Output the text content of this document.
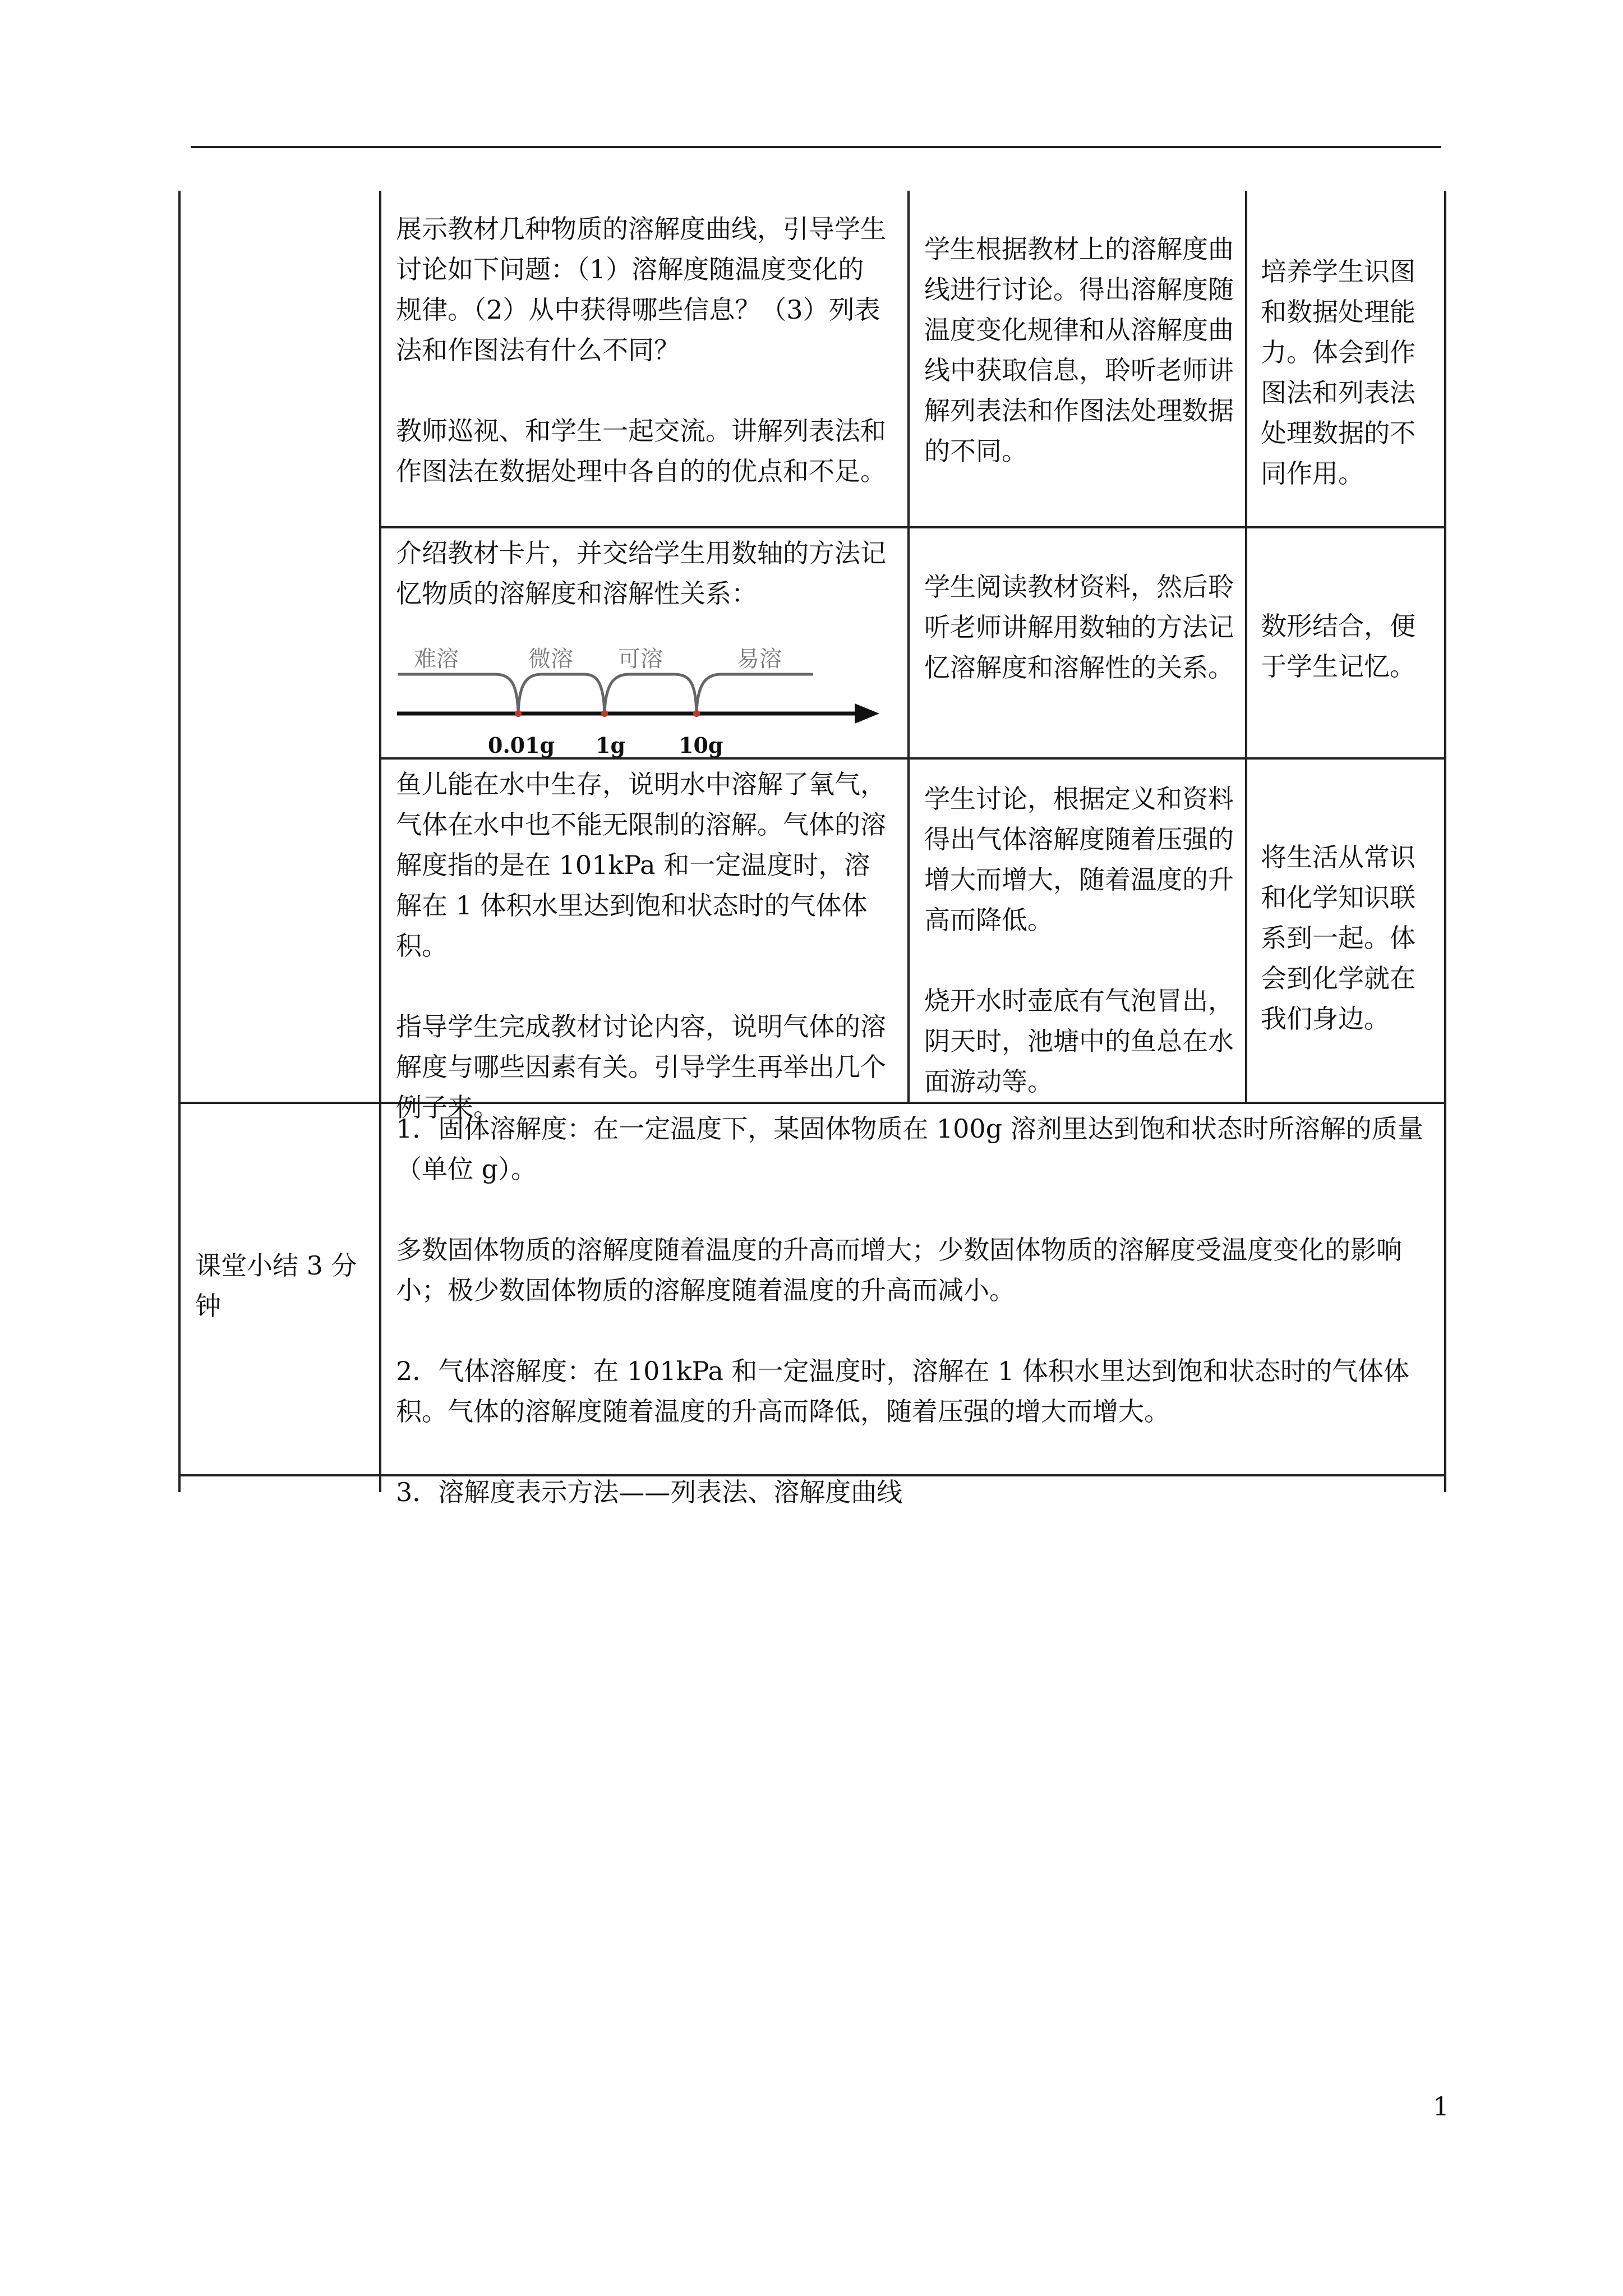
展示教材几种物质的溶解度曲线，引导学生讨论如下问题：（1）溶解度随温度变化的规律。（2）从中获得哪些信息？（3）列表法和作图法有什么不同？

教师巡视、和学生一起交流。讲解列表法和作图法在数据处理中各自的的优点和不足。

学生根据教材上的溶解度曲线进行讨论。得出溶解度随温度变化规律和从溶解度曲线中获取信息，聆听老师讲解列表法和作图法处理数据的不同。

培养学生识图和数据处理能力。体会到作图法和列表法处理数据的不同作用。

介绍教材卡片，并交给学生用数轴的方法记忆物质的溶解度和溶解性关系：

难溶	微溶 可溶	易溶
0.01g 1g 10g

学生阅读教材资料，然后聆听老师讲解用数轴的方法记忆溶解度和溶解性的关系。

数形结合，便于学生记忆。

鱼儿能在水中生存，说明水中溶解了氧气，气体在水中也不能无限制的溶解。气体的溶解度指的是在 101kPa 和一定温度时，溶解在 1 体积水里达到饱和状态时的气体体积。

指导学生完成教材讨论内容，说明气体的溶解度与哪些因素有关。引导学生再举出几个例子来。

学生讨论，根据定义和资料得出气体溶解度随着压强的增大而增大，随着温度的升高而降低。

烧开水时壶底有气泡冒出，阴天时，池塘中的鱼总在水面游动等。

将生活从常识和化学知识联系到一起。体会到化学就在我们身边。

课堂小结 3 分钟

1．固体溶解度：在一定温度下，某固体物质在 100g 溶剂里达到饱和状态时所溶解的质量（单位 g）。

多数固体物质的溶解度随着温度的升高而增大；少数固体物质的溶解度受温度变化的影响小；极少数固体物质的溶解度随着温度的升高而减小。

2．气体溶解度：在 101kPa 和一定温度时，溶解在 1 体积水里达到饱和状态时的气体体积。气体的溶解度随着温度的升高而降低，随着压强的增大而增大。

3．溶解度表示方法——列表法、溶解度曲线

1
